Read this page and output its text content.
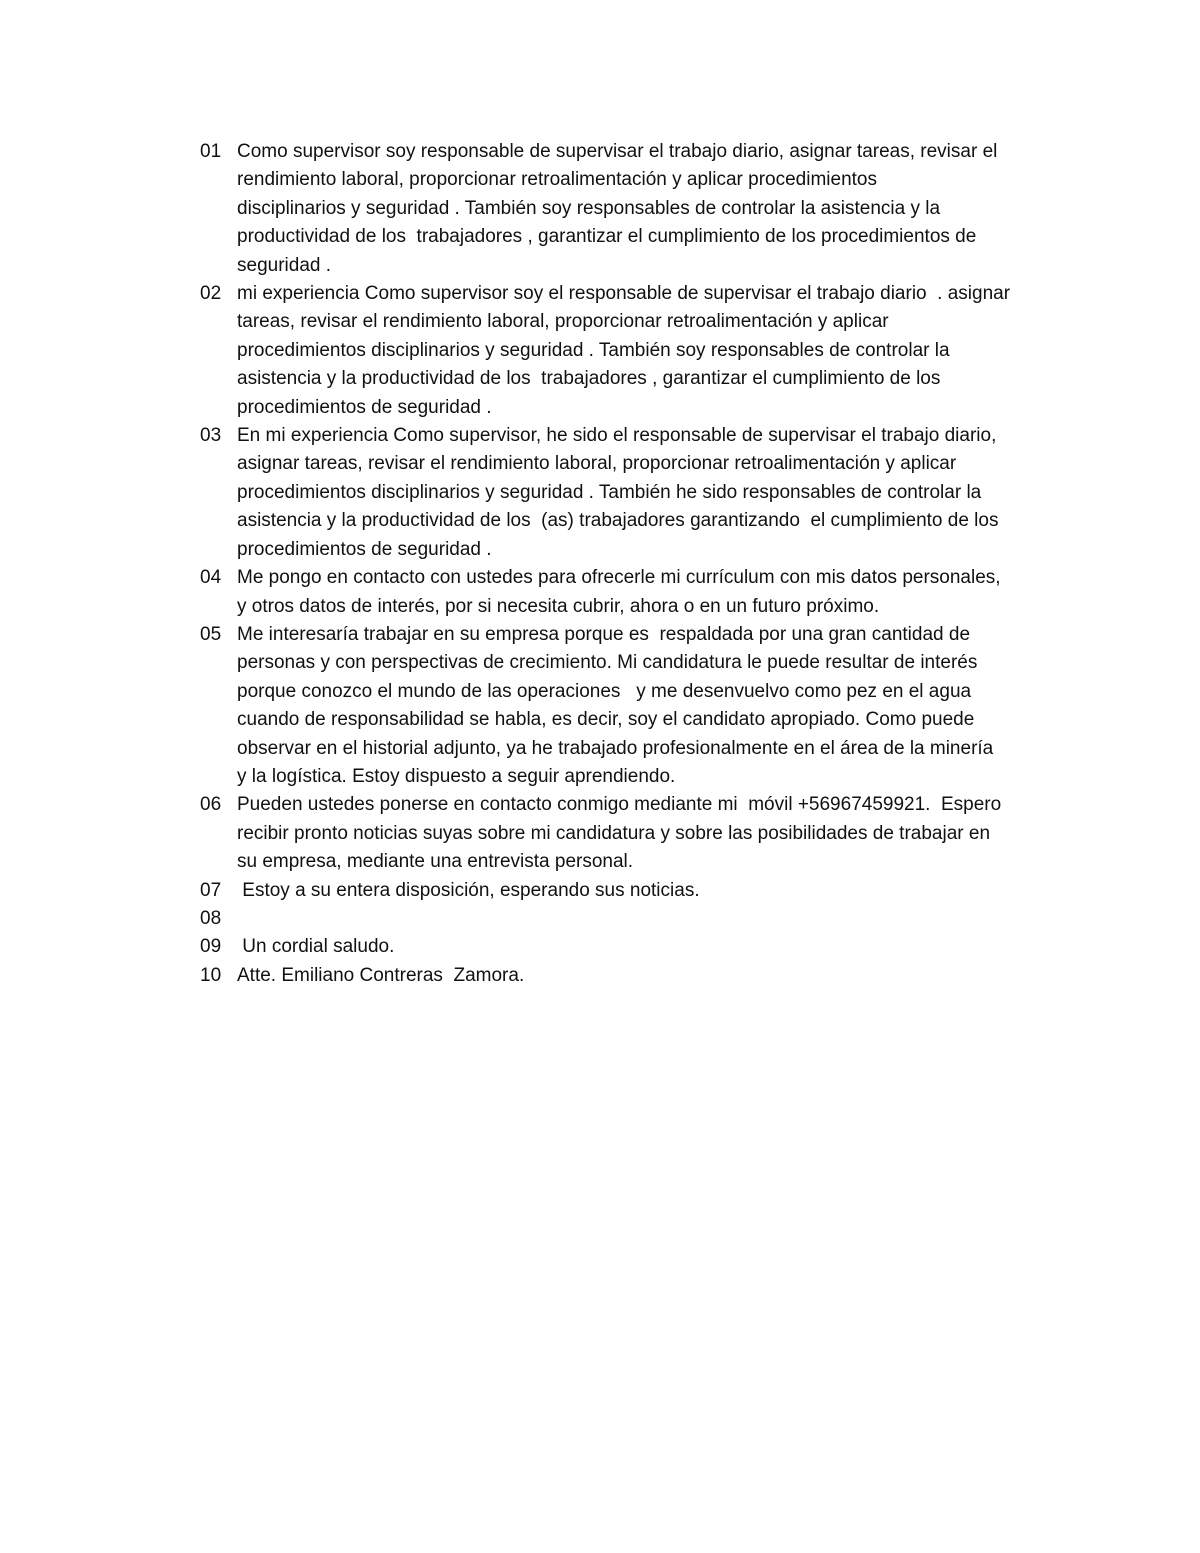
01 Como supervisor soy responsable de supervisar el trabajo diario, asignar tareas, revisar el
rendimiento laboral, proporcionar retroalimentación y aplicar procedimientos
disciplinarios y seguridad . También soy responsables de controlar la asistencia y la
productividad de los  trabajadores , garantizar el cumplimiento de los procedimientos de
seguridad .
02 mi experiencia Como supervisor soy el responsable de supervisar el trabajo diario  . asignar
tareas, revisar el rendimiento laboral, proporcionar retroalimentación y aplicar
procedimientos disciplinarios y seguridad . También soy responsables de controlar la
asistencia y la productividad de los  trabajadores , garantizar el cumplimiento de los
procedimientos de seguridad .
03 En mi experiencia Como supervisor, he sido el responsable de supervisar el trabajo diario,
asignar tareas, revisar el rendimiento laboral, proporcionar retroalimentación y aplicar
procedimientos disciplinarios y seguridad . También he sido responsables de controlar la
asistencia y la productividad de los  (as) trabajadores garantizando  el cumplimiento de los
procedimientos de seguridad .
04 Me pongo en contacto con ustedes para ofrecerle mi currículum con mis datos personales,
y otros datos de interés, por si necesita cubrir, ahora o en un futuro próximo.
05 Me interesaría trabajar en su empresa porque es  respaldada por una gran cantidad de
personas y con perspectivas de crecimiento. Mi candidatura le puede resultar de interés
porque conozco el mundo de las operaciones   y me desenvuelvo como pez en el agua
cuando de responsabilidad se habla, es decir, soy el candidato apropiado. Como puede
observar en el historial adjunto, ya he trabajado profesionalmente en el área de la minería
y la logística. Estoy dispuesto a seguir aprendiendo.
06 Pueden ustedes ponerse en contacto conmigo mediante mi  móvil +56967459921.  Espero
recibir pronto noticias suyas sobre mi candidatura y sobre las posibilidades de trabajar en
su empresa, mediante una entrevista personal.
07 Estoy a su entera disposición, esperando sus noticias.
08
09 Un cordial saludo.
10 Atte. Emiliano Contreras  Zamora.
